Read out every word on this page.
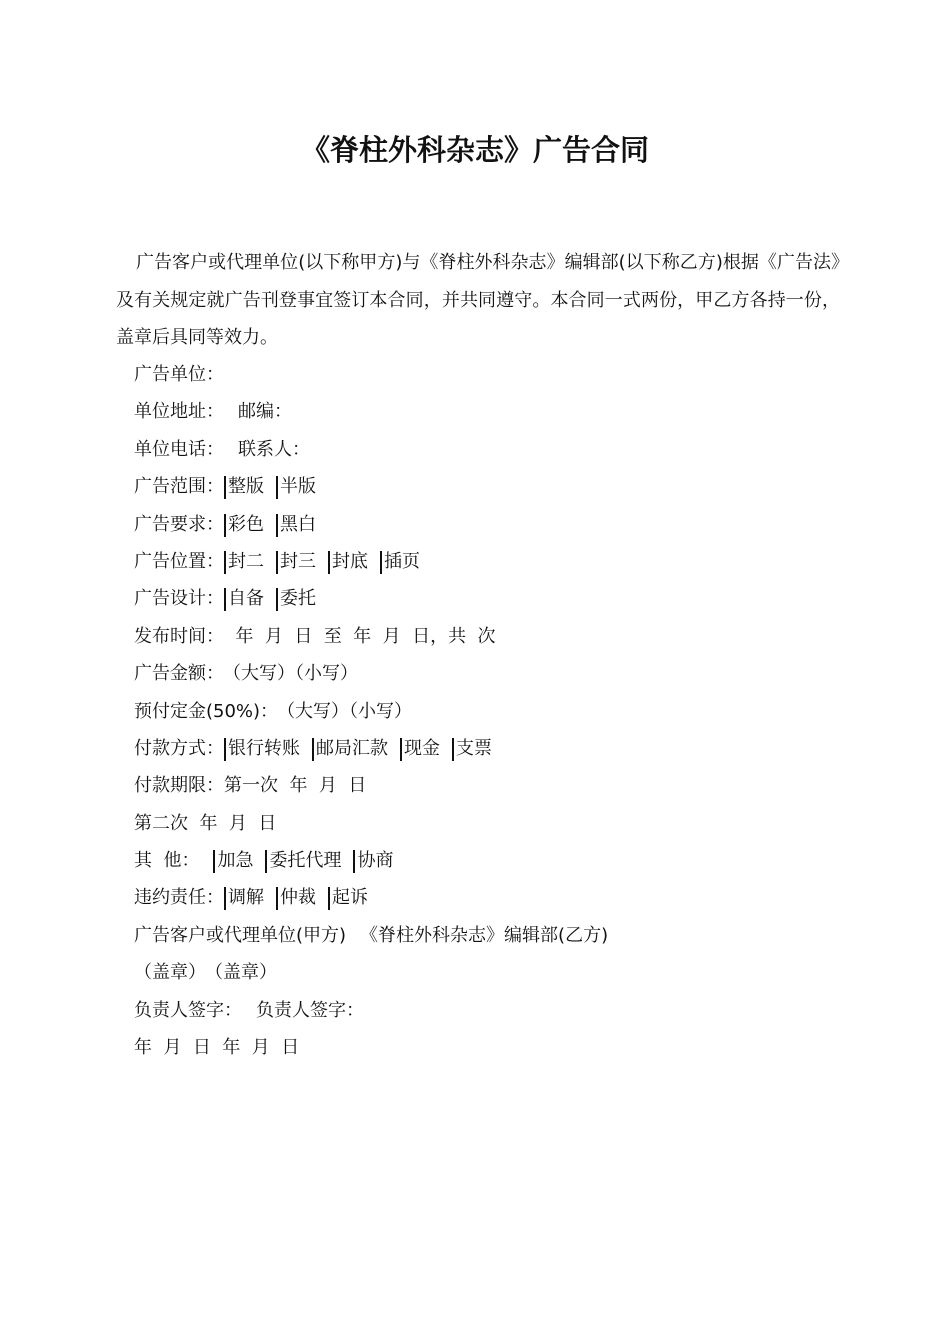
《脊柱外科杂志》广告合同
广告客户或代理单位(以下称甲方)与《脊柱外科杂志》编辑部(以下称乙方)根据《广告法》及有关规定就广告刊登事宜签订本合同，并共同遵守。本合同一式两份，甲乙方各持一份，盖章后具同等效力。
广告单位：
单位地址： 邮编：
单位电话： 联系人：
广告范围： 整版 半版
广告要求： 彩色 黑白
广告位置： 封二 封三 封底 插页
广告设计： 自备 委托
发布时间：  年  月  日  至  年  月  日，共  次
广告金额： （大写）（小写）
预付定金(50%)： （大写）（小写）
付款方式： 银行转账 邮局汇款 现金 支票
付款期限：第一次  年  月  日
第二次  年  月  日
其  他： 加急 委托代理 协商
违约责任： 调解 仲裁 起诉
广告客户或代理单位(甲方) 《脊柱外科杂志》编辑部(乙方)
（盖章） （盖章）
负责人签字： 负责人签字：
年  月  日  年  月  日
